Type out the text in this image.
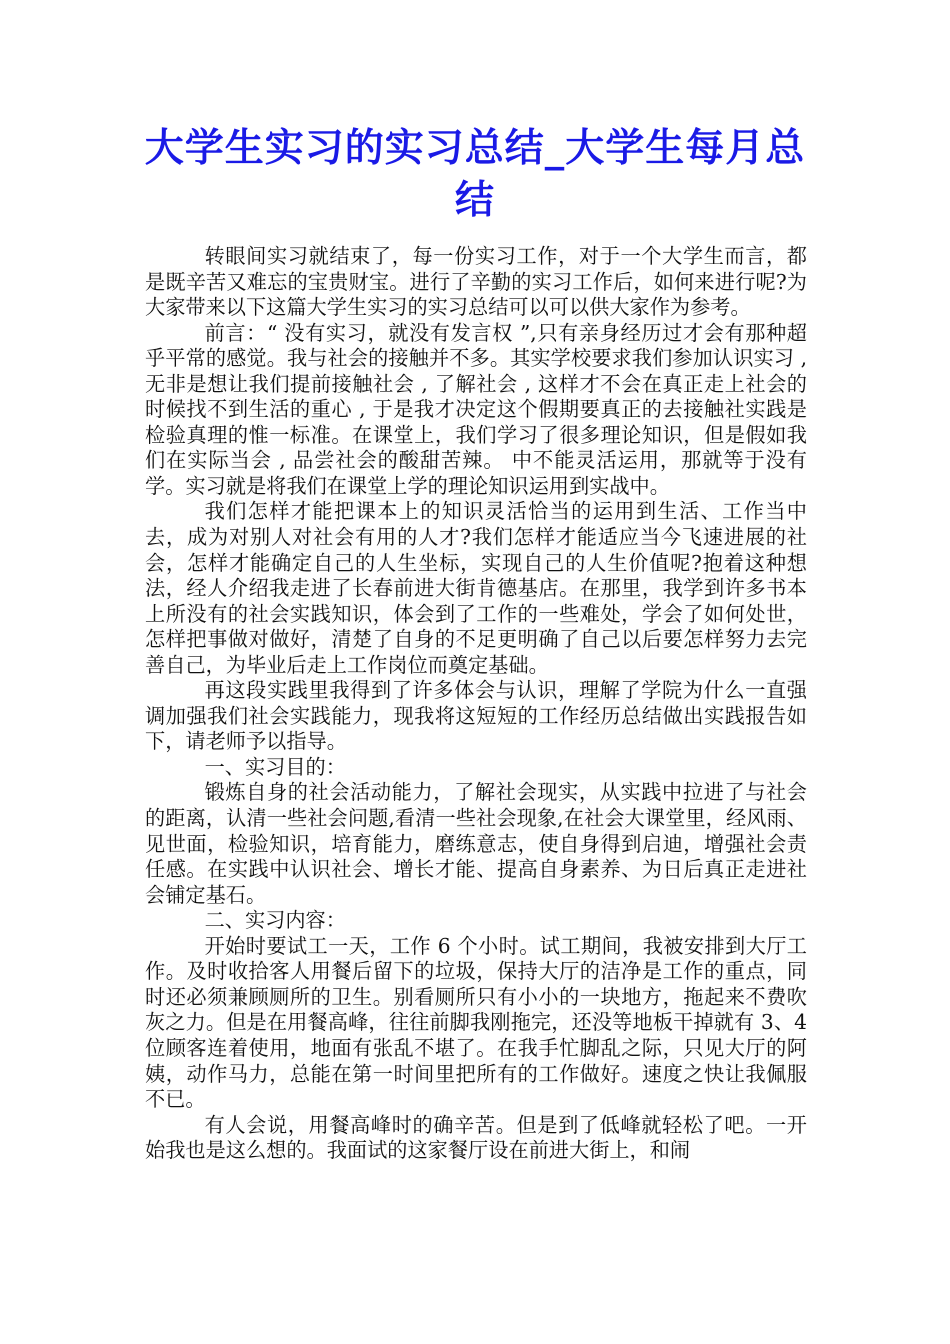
大学生实习的实习总结_大学生每月总结

转眼间实习就结束了，每一份实习工作，对于一个大学生而言，都是既辛苦又难忘的宝贵财宝。进行了辛勤的实习工作后，如何来进行呢?为大家带来以下这篇大学生实习的实习总结可以可以供大家作为参考。

前言：“ 没有实习，就没有发言权 ”,只有亲身经历过才会有那种超乎平常的感觉。我与社会的接触并不多。其实学校要求我们参加认识实习 , 无非是想让我们提前接触社会 , 了解社会 , 这样才不会在真正走上社会的时候找不到生活的重心 , 于是我才决定这个假期要真正的去接触社实践是检验真理的惟一标准。在课堂上，我们学习了很多理论知识，但是假如我们在实际当会 , 品尝社会的酸甜苦辣。 中不能灵活运用，那就等于没有学。实习就是将我们在课堂上学的理论知识运用到实战中。

我们怎样才能把课本上的知识灵活恰当的运用到生活、工作当中去，成为对别人对社会有用的人才?我们怎样才能适应当今飞速进展的社会，怎样才能确定自己的人生坐标，实现自己的人生价值呢?抱着这种想法，经人介绍我走进了长春前进大街肯德基店。在那里，我学到许多书本上所没有的社会实践知识，体会到了工作的一些难处，学会了如何处世，怎样把事做对做好，清楚了自身的不足更明确了自己以后要怎样努力去完善自己，为毕业后走上工作岗位而奠定基础。

再这段实践里我得到了许多体会与认识，理解了学院为什么一直强调加强我们社会实践能力，现我将这短短的工作经历总结做出实践报告如下，请老师予以指导。

一、实习目的：

锻炼自身的社会活动能力，了解社会现实，从实践中拉进了与社会的距离，认清一些社会问题,看清一些社会现象,在社会大课堂里，经风雨、见世面，检验知识，培育能力，磨练意志，使自身得到启迪，增强社会责任感。在实践中认识社会、增长才能、提高自身素养、为日后真正走进社会铺定基石。

二、实习内容：

开始时要试工一天，工作 6 个小时。试工期间，我被安排到大厅工作。及时收拾客人用餐后留下的垃圾，保持大厅的洁净是工作的重点，同时还必须兼顾厕所的卫生。别看厕所只有小小的一块地方，拖起来不费吹灰之力。但是在用餐高峰，往往前脚我刚拖完，还没等地板干掉就有 3、4 位顾客连着使用，地面有张乱不堪了。在我手忙脚乱之际，只见大厅的阿姨，动作马力，总能在第一时间里把所有的工作做好。速度之快让我佩服不已。

有人会说，用餐高峰时的确辛苦。但是到了低峰就轻松了吧。一开始我也是这么想的。我面试的这家餐厅设在前进大街上，和闹
